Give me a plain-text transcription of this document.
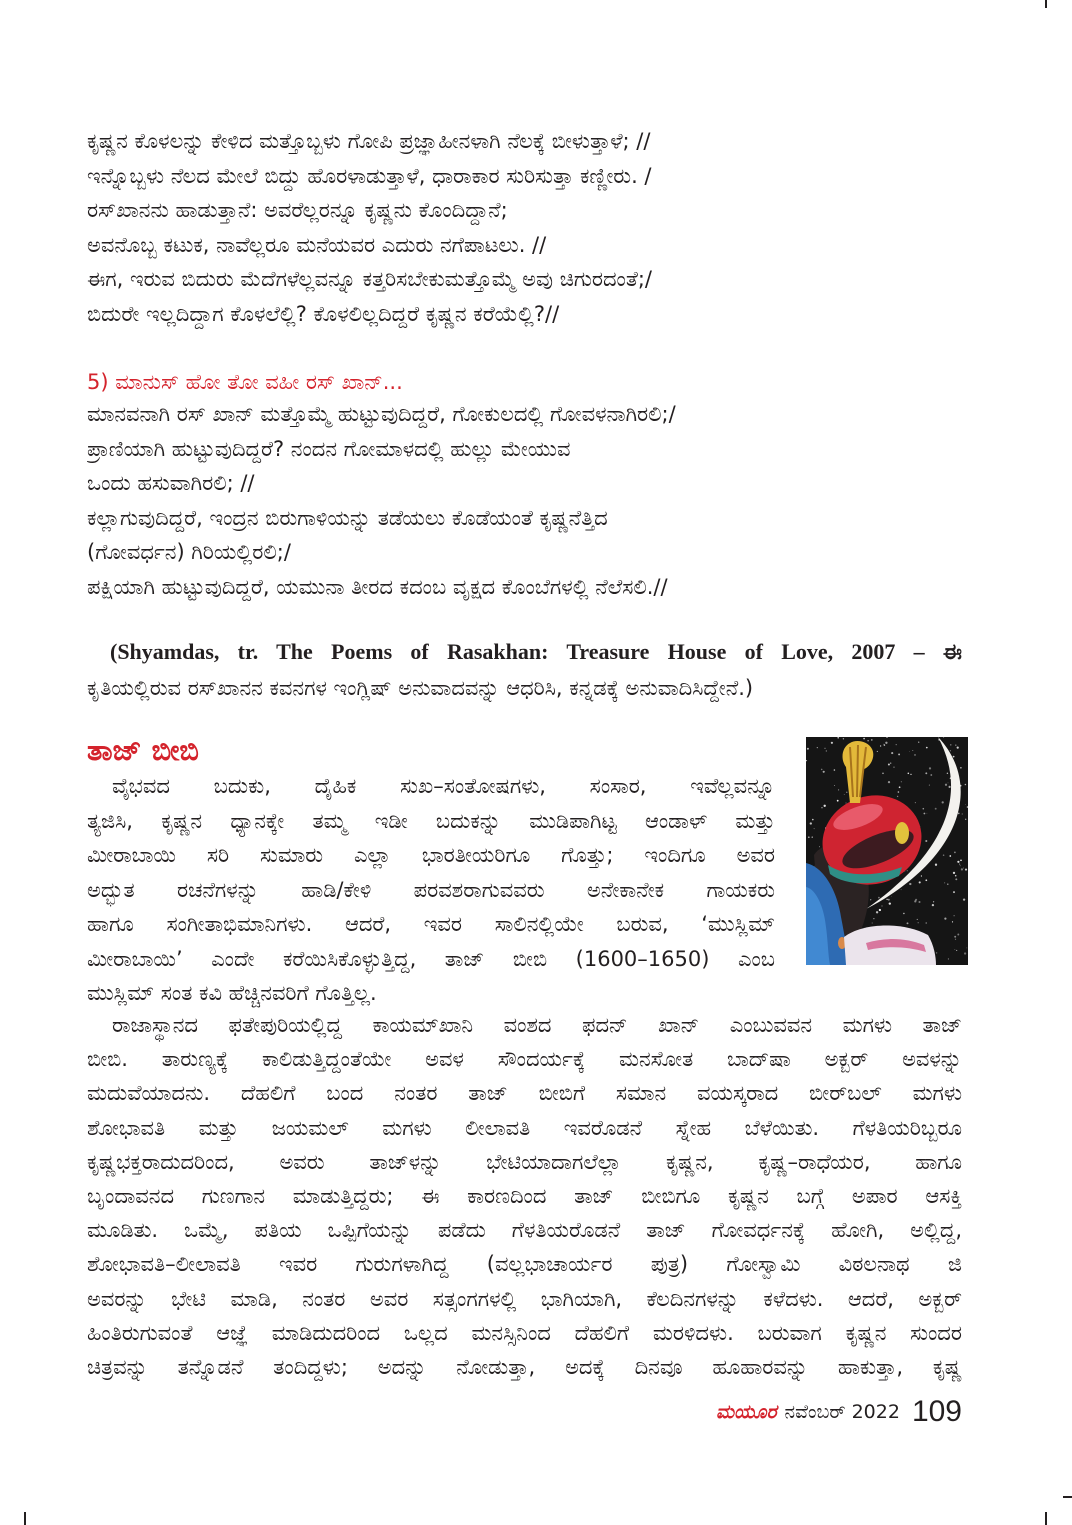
ಕೃಷ್ಣನ ಕೊಳಲನ್ನು ಕೇಳಿದ ಮತ್ತೊಬ್ಬಳು ಗೋಪಿ ಪ್ರಜ್ಞಾಹೀನಳಾಗಿ ನೆಲಕ್ಕೆ ಬೀಳುತ್ತಾಳೆ; //
ಇನ್ನೊಬ್ಬಳು ನೆಲದ ಮೇಲೆ ಬಿದ್ದು ಹೊರಳಾಡುತ್ತಾಳೆ, ಧಾರಾಕಾರ ಸುರಿಸುತ್ತಾ ಕಣ್ಣೀರು. /
ರಸ್‌ಖಾನನು ಹಾಡುತ್ತಾನೆ: ಅವರೆಲ್ಲರನ್ನೂ ಕೃಷ್ಣನು ಕೊಂದಿದ್ದಾನೆ;
ಅವನೊಬ್ಬ ಕಟುಕ, ನಾವೆಲ್ಲರೂ ಮನೆಯವರ ಎದುರು ನಗೆಪಾಟಲು. //
ಈಗ, ಇರುವ ಬಿದುರು ಮೆದೆಗಳೆಲ್ಲವನ್ನೂ ಕತ್ತರಿಸಬೇಕುಮತ್ತೊಮ್ಮೆ ಅವು ಚಿಗುರದಂತೆ;/
ಬಿದುರೇ ಇಲ್ಲದಿದ್ದಾಗ ಕೊಳಲೆಲ್ಲಿ? ಕೊಳಲಿಲ್ಲದಿದ್ದರೆ ಕೃಷ್ಣನ ಕರೆಯೆಲ್ಲಿ?//
5) ಮಾನುಸ್ ಹೋ ತೋ ವಹೀ ರಸ್ ಖಾನ್...
ಮಾನವನಾಗಿ ರಸ್ ಖಾನ್ ಮತ್ತೊಮ್ಮೆ ಹುಟ್ಟುವುದಿದ್ದರೆ, ಗೋಕುಲದಲ್ಲಿ ಗೋವಳನಾಗಿರಲಿ;/
ಪ್ರಾಣಿಯಾಗಿ ಹುಟ್ಟುವುದಿದ್ದರೆ? ನಂದನ ಗೋಮಾಳದಲ್ಲಿ ಹುಲ್ಲು ಮೇಯುವ
ಒಂದು ಹಸುವಾಗಿರಲಿ; //
ಕಲ್ಲಾಗುವುದಿದ್ದರೆ, ಇಂದ್ರನ ಬಿರುಗಾಳಿಯನ್ನು ತಡೆಯಲು ಕೊಡೆಯಂತೆ ಕೃಷ್ಣನೆತ್ತಿದ
(ಗೋವರ್ಧನ) ಗಿರಿಯಲ್ಲಿರಲಿ;/
ಪಕ್ಷಿಯಾಗಿ ಹುಟ್ಟುವುದಿದ್ದರೆ, ಯಮುನಾ ತೀರದ ಕದಂಬ ವೃಕ್ಷದ ಕೊಂಬೆಗಳಲ್ಲಿ ನೆಲೆಸಲಿ.//
(Shyamdas, tr. The Poems of Rasakhan: Treasure House of Love, 2007 – ಈ
ಕೃತಿಯಲ್ಲಿರುವ ರಸ್‌ಖಾನನ ಕವನಗಳ ಇಂಗ್ಲಿಷ್ ಅನುವಾದವನ್ನು ಆಧರಿಸಿ, ಕನ್ನಡಕ್ಕೆ ಅನುವಾದಿಸಿದ್ದೇನೆ.)
ತಾಜ್ ಬೀಬಿ
ವೈಭವದ ಬದುಕು, ದೈಹಿಕ ಸುಖ–ಸಂತೋಷಗಳು, ಸಂಸಾರ, ಇವೆಲ್ಲವನ್ನೂ
ತ್ಯಜಿಸಿ, ಕೃಷ್ಣನ ಧ್ಯಾನಕ್ಕೇ ತಮ್ಮ ಇಡೀ ಬದುಕನ್ನು ಮುಡಿಪಾಗಿಟ್ಟ ಆಂಡಾಳ್ ಮತ್ತು
ಮೀರಾಬಾಯಿ ಸರಿ ಸುಮಾರು ಎಲ್ಲಾ ಭಾರತೀಯರಿಗೂ ಗೊತ್ತು; ಇಂದಿಗೂ ಅವರ
ಅದ್ಭುತ ರಚನೆಗಳನ್ನು ಹಾಡಿ/ಕೇಳಿ ಪರವಶರಾಗುವವರು ಅನೇಕಾನೇಕ ಗಾಯಕರು
ಹಾಗೂ ಸಂಗೀತಾಭಿಮಾನಿಗಳು. ಆದರೆ, ಇವರ ಸಾಲಿನಲ್ಲಿಯೇ ಬರುವ, ‘ಮುಸ್ಲಿಮ್
ಮೀರಾಬಾಯಿ’ ಎಂದೇ ಕರೆಯಿಸಿಕೊಳ್ಳುತ್ತಿದ್ದ, ತಾಜ್ ಬೀಬಿ (1600–1650) ಎಂಬ
ಮುಸ್ಲಿಮ್ ಸಂತ ಕವಿ ಹೆಚ್ಚಿನವರಿಗೆ ಗೊತ್ತಿಲ್ಲ.
ರಾಜಾಸ್ಥಾನದ ಫತೇಪುರಿಯಲ್ಲಿದ್ದ ಕಾಯಮ್‌ಖಾನಿ ವಂಶದ ಫದನ್ ಖಾನ್ ಎಂಬುವವನ ಮಗಳು ತಾಜ್
ಬೀಬಿ. ತಾರುಣ್ಯಕ್ಕೆ ಕಾಲಿಡುತ್ತಿದ್ದಂತೆಯೇ ಅವಳ ಸೌಂದರ್ಯಕ್ಕೆ ಮನಸೋತ ಬಾದ್‌ಷಾ ಅಕ್ಬರ್ ಅವಳನ್ನು
ಮದುವೆಯಾದನು. ದೆಹಲಿಗೆ ಬಂದ ನಂತರ ತಾಜ್ ಬೀಬಿಗೆ ಸಮಾನ ವಯಸ್ಕರಾದ ಬೀರ್‌ಬಲ್ ಮಗಳು
ಶೋಭಾವತಿ ಮತ್ತು ಜಯಮಲ್ ಮಗಳು ಲೀಲಾವತಿ ಇವರೊಡನೆ ಸ್ನೇಹ ಬೆಳೆಯಿತು. ಗೆಳತಿಯರಿಬ್ಬರೂ
ಕೃಷ್ಣಭಕ್ತರಾದುದರಿಂದ, ಅವರು ತಾಜ್‌ಳನ್ನು ಭೇಟಿಯಾದಾಗಲೆಲ್ಲಾ ಕೃಷ್ಣನ, ಕೃಷ್ಣ–ರಾಧೆಯರ, ಹಾಗೂ
ಬೃಂದಾವನದ ಗುಣಗಾನ ಮಾಡುತ್ತಿದ್ದರು; ಈ ಕಾರಣದಿಂದ ತಾಜ್ ಬೀಬಿಗೂ ಕೃಷ್ಣನ ಬಗ್ಗೆ ಅಪಾರ ಆಸಕ್ತಿ
ಮೂಡಿತು. ಒಮ್ಮೆ, ಪತಿಯ ಒಪ್ಪಿಗೆಯನ್ನು ಪಡೆದು ಗೆಳತಿಯರೊಡನೆ ತಾಜ್ ಗೋವರ್ಧನಕ್ಕೆ ಹೋಗಿ, ಅಲ್ಲಿದ್ದ,
ಶೋಭಾವತಿ–ಲೀಲಾವತಿ ಇವರ ಗುರುಗಳಾಗಿದ್ದ (ವಲ್ಲಭಾಚಾರ್ಯರ ಪುತ್ರ) ಗೋಸ್ವಾಮಿ ವಿಠಲನಾಥ ಜಿ
ಅವರನ್ನು ಭೇಟಿ ಮಾಡಿ, ನಂತರ ಅವರ ಸತ್ಸಂಗಗಳಲ್ಲಿ ಭಾಗಿಯಾಗಿ, ಕೆಲದಿನಗಳನ್ನು ಕಳೆದಳು. ಆದರೆ, ಅಕ್ಬರ್
ಹಿಂತಿರುಗುವಂತೆ ಆಜ್ಞೆ ಮಾಡಿದುದರಿಂದ ಒಲ್ಲದ ಮನಸ್ಸಿನಿಂದ ದೆಹಲಿಗೆ ಮರಳಿದಳು. ಬರುವಾಗ ಕೃಷ್ಣನ ಸುಂದರ
ಚಿತ್ರವನ್ನು ತನ್ನೊಡನೆ ತಂದಿದ್ದಳು; ಅದನ್ನು ನೋಡುತ್ತಾ, ಅದಕ್ಕೆ ದಿನವೂ ಹೂಹಾರವನ್ನು ಹಾಕುತ್ತಾ, ಕೃಷ್ಣ
ಮಯೂರ ನವೆಂಬರ್ 2022 109
